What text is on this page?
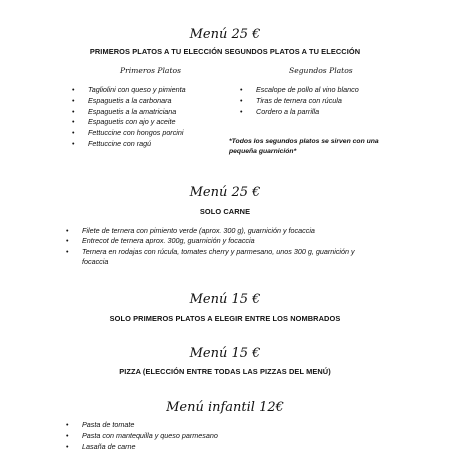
Menú 25 €
PRIMEROS PLATOS A TU ELECCIÓN SEGUNDOS PLATOS A TU ELECCIÓN
Primeros Platos	Segundos Platos
• Tagliolini con queso y pimienta
• Espaguetis a la carbonara
• Espaguetis a la amatriciana
• Espaguetis con ajo y aceite
• Fettuccine con hongos porcini
• Fettuccine con ragú
• Escalope de pollo al vino blanco
• Tiras de ternera con rúcula
• Cordero a la parrilla
*Todos los segundos platos se sirven con una pequeña guarnición*
Menú 25 €
SOLO CARNE
• Filete de ternera con pimiento verde (aprox. 300 g), guarnición y focaccia
• Entrecot de ternera aprox. 300g, guarnición y focaccia
• Ternera en rodajas con rúcula, tomates cherry y parmesano, unos 300 g, guarnición y focaccia
Menú 15 €
SOLO PRIMEROS PLATOS A ELEGIR ENTRE LOS NOMBRADOS
Menú 15 €
PIZZA (ELECCIÓN ENTRE TODAS LAS PIZZAS DEL MENÚ)
Menú infantil 12€
• Pasta de tomate
• Pasta con mantequilla y queso parmesano
• Lasaña de carne
